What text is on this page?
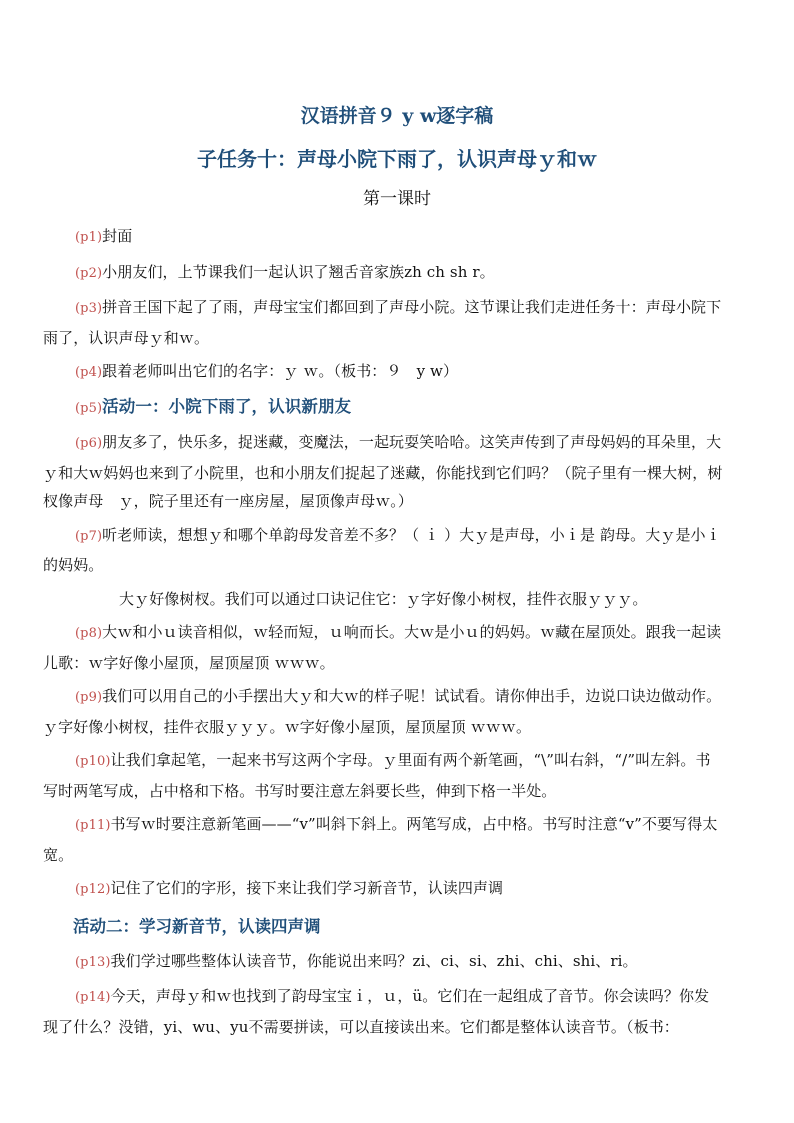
汉语拼音９ y w逐字稿
子任务十：声母小院下雨了，认识声母ｙ和ｗ
第一课时

(p1)封面

(p2)小朋友们，上节课我们一起认识了翘舌音家族zh ch sh r。

(p3)拼音王国下起了了雨，声母宝宝们都回到了声母小院。这节课让我们走进任务十：声母小院下雨了，认识声母ｙ和ｗ。

(p4)跟着老师叫出它们的名字：ｙ ｗ。（板书：９　y w）

(p5)活动一：小院下雨了，认识新朋友

(p6)朋友多了，快乐多，捉迷藏，变魔法，一起玩耍笑哈哈。这笑声传到了声母妈妈的耳朵里，大ｙ和大ｗ妈妈也来到了小院里，也和小朋友们捉起了迷藏，你能找到它们吗？（院子里有一棵大树，树杈像声母　ｙ，院子里还有一座房屋，屋顶像声母ｗ。）

(p7)听老师读，想想ｙ和哪个单韵母发音差不多？（ ｉ ）大ｙ是声母，小ｉ是 韵母。大ｙ是小ｉ的妈妈。

大ｙ好像树杈。我们可以通过口诀记住它：ｙ字好像小树杈，挂件衣服ｙｙｙ。

(p8)大ｗ和小ｕ读音相似，ｗ轻而短，ｕ响而长。大ｗ是小ｕ的妈妈。ｗ藏在屋顶处。跟我一起读儿歌：ｗ字好像小屋顶，屋顶屋顶 ｗｗｗ。

(p9)我们可以用自己的小手摆出大ｙ和大ｗ的样子呢！试试看。请你伸出手，边说口诀边做动作。ｙ字好像小树杈，挂件衣服ｙｙｙ。ｗ字好像小屋顶，屋顶屋顶 ｗｗｗ。

(p10)让我们拿起笔，一起来书写这两个字母。ｙ里面有两个新笔画，“\”叫右斜，“/”叫左斜。书写时两笔写成，占中格和下格。书写时要注意左斜要长些，伸到下格一半处。

(p11)书写ｗ时要注意新笔画——“v”叫斜下斜上。两笔写成，占中格。书写时注意“v”不要写得太宽。

(p12)记住了它们的字形，接下来让我们学习新音节，认读四声调

活动二：学习新音节，认读四声调

(p13)我们学过哪些整体认读音节，你能说出来吗？zi、ci、si、zhi、chi、shi、ri。

(p14)今天，声母ｙ和ｗ也找到了韵母宝宝ｉ，ｕ，ü。它们在一起组成了音节。你会读吗？你发现了什么？没错，yi、wu、yu不需要拼读，可以直接读出来。它们都是整体认读音节。（板书：
